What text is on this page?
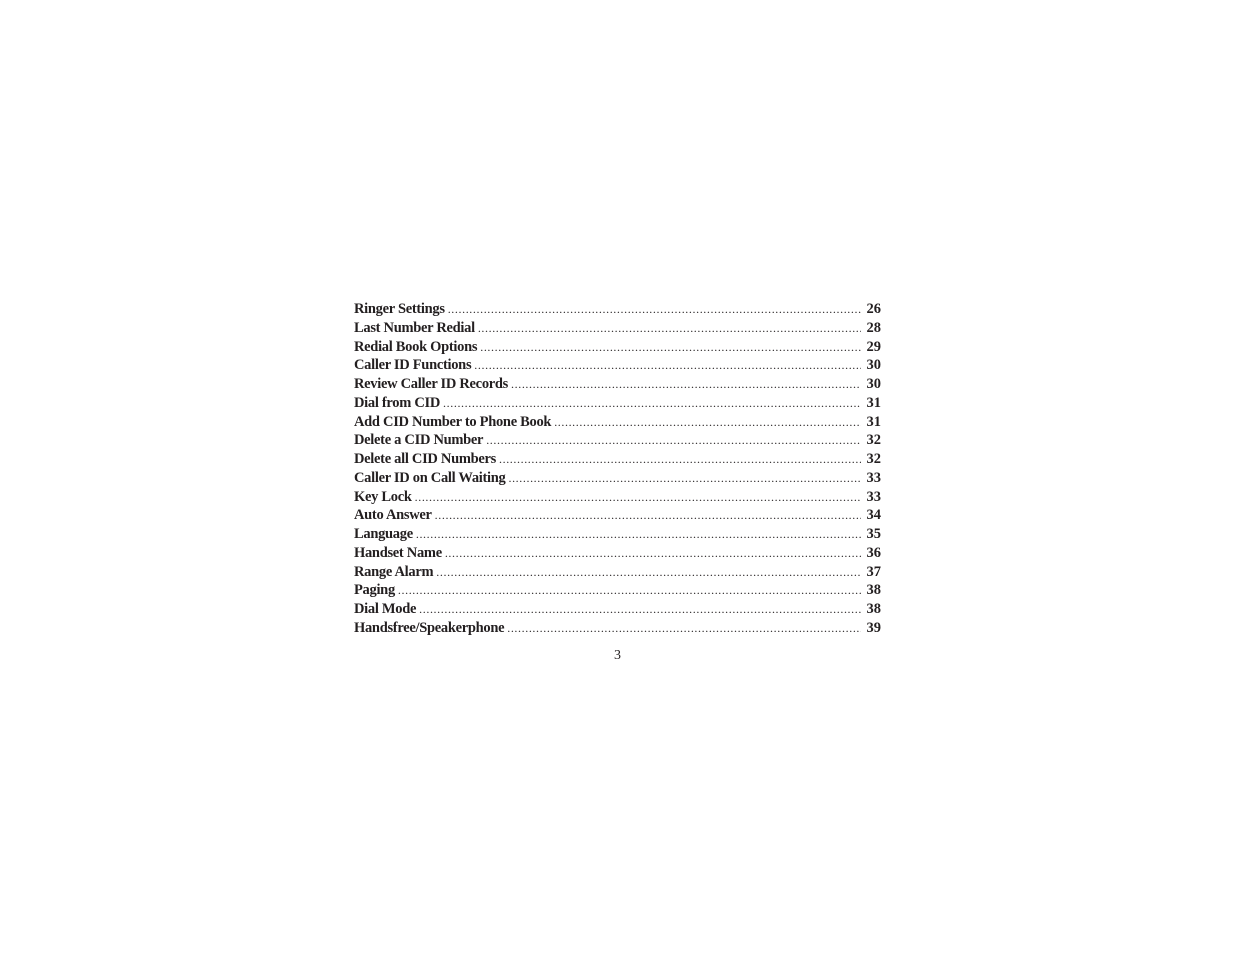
Ringer Settings .....	26
Last Number Redial .....	28
Redial Book Options .....	29
Caller ID Functions .....	30
Review Caller ID Records .....	30
Dial from CID .....	31
Add CID Number to Phone Book .....	31
Delete a CID Number .....	32
Delete all CID Numbers .....	32
Caller ID on Call Waiting .....	33
Key Lock .....	33
Auto Answer .....	34
Language .....	35
Handset Name .....	36
Range Alarm .....	37
Paging .....	38
Dial Mode .....	38
Handsfree/Speakerphone .....	39
3
